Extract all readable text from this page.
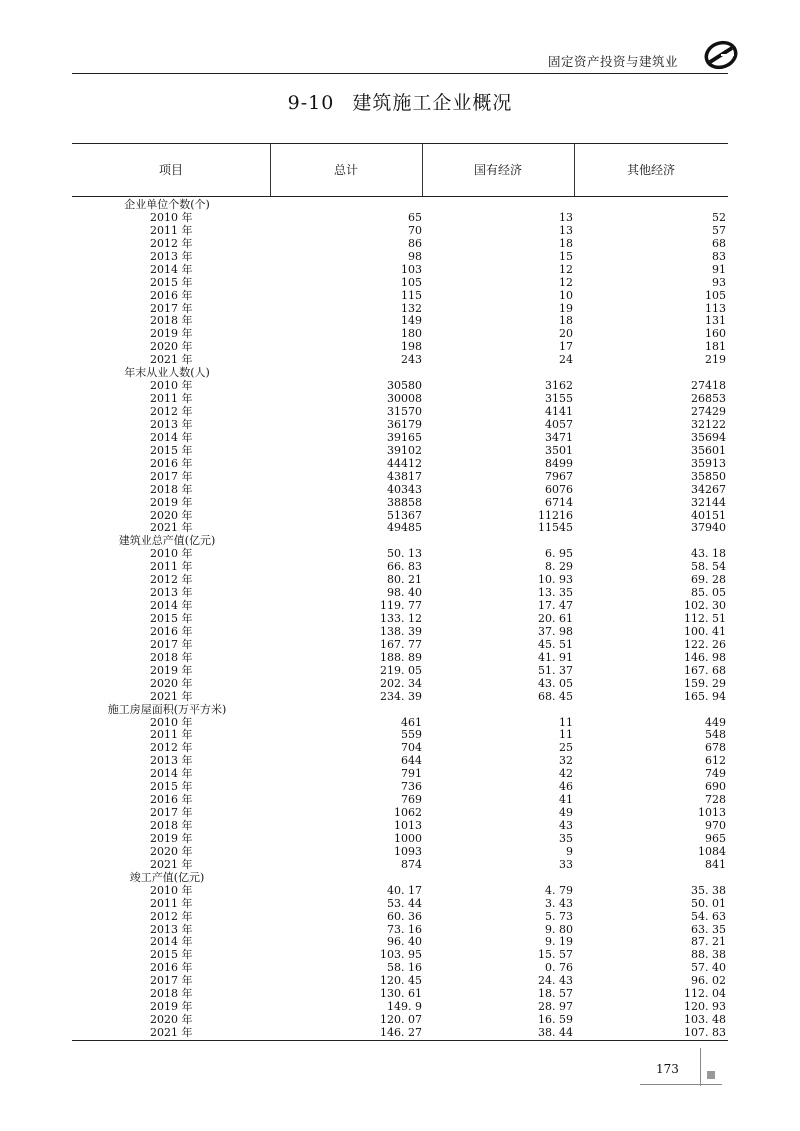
固定资产投资与建筑业
9-10 建筑施工企业概况
项目	总计	国有经济	其他经济
企业单位个数(个)
2010 年	65	13	52
2011 年	70	13	57
2012 年	86	18	68
2013 年	98	15	83
2014 年	103	12	91
2015 年	105	12	93
2016 年	115	10	105
2017 年	132	19	113
2018 年	149	18	131
2019 年	180	20	160
2020 年	198	17	181
2021 年	243	24	219
年末从业人数(人)
2010 年	30580	3162	27418
2011 年	30008	3155	26853
2012 年	31570	4141	27429
2013 年	36179	4057	32122
2014 年	39165	3471	35694
2015 年	39102	3501	35601
2016 年	44412	8499	35913
2017 年	43817	7967	35850
2018 年	40343	6076	34267
2019 年	38858	6714	32144
2020 年	51367	11216	40151
2021 年	49485	11545	37940
建筑业总产值(亿元)
2010 年	50. 13	6. 95	43. 18
2011 年	66. 83	8. 29	58. 54
2012 年	80. 21	10. 93	69. 28
2013 年	98. 40	13. 35	85. 05
2014 年	119. 77	17. 47	102. 30
2015 年	133. 12	20. 61	112. 51
2016 年	138. 39	37. 98	100. 41
2017 年	167. 77	45. 51	122. 26
2018 年	188. 89	41. 91	146. 98
2019 年	219. 05	51. 37	167. 68
2020 年	202. 34	43. 05	159. 29
2021 年	234. 39	68. 45	165. 94
施工房屋面积(万平方米)
2010 年	461	11	449
2011 年	559	11	548
2012 年	704	25	678
2013 年	644	32	612
2014 年	791	42	749
2015 年	736	46	690
2016 年	769	41	728
2017 年	1062	49	1013
2018 年	1013	43	970
2019 年	1000	35	965
2020 年	1093	9	1084
2021 年	874	33	841
竣工产值(亿元)
2010 年	40. 17	4. 79	35. 38
2011 年	53. 44	3. 43	50. 01
2012 年	60. 36	5. 73	54. 63
2013 年	73. 16	9. 80	63. 35
2014 年	96. 40	9. 19	87. 21
2015 年	103. 95	15. 57	88. 38
2016 年	58. 16	0. 76	57. 40
2017 年	120. 45	24. 43	96. 02
2018 年	130. 61	18. 57	112. 04
2019 年	149. 9	28. 97	120. 93
2020 年	120. 07	16. 59	103. 48
2021 年	146. 27	38. 44	107. 83
173
